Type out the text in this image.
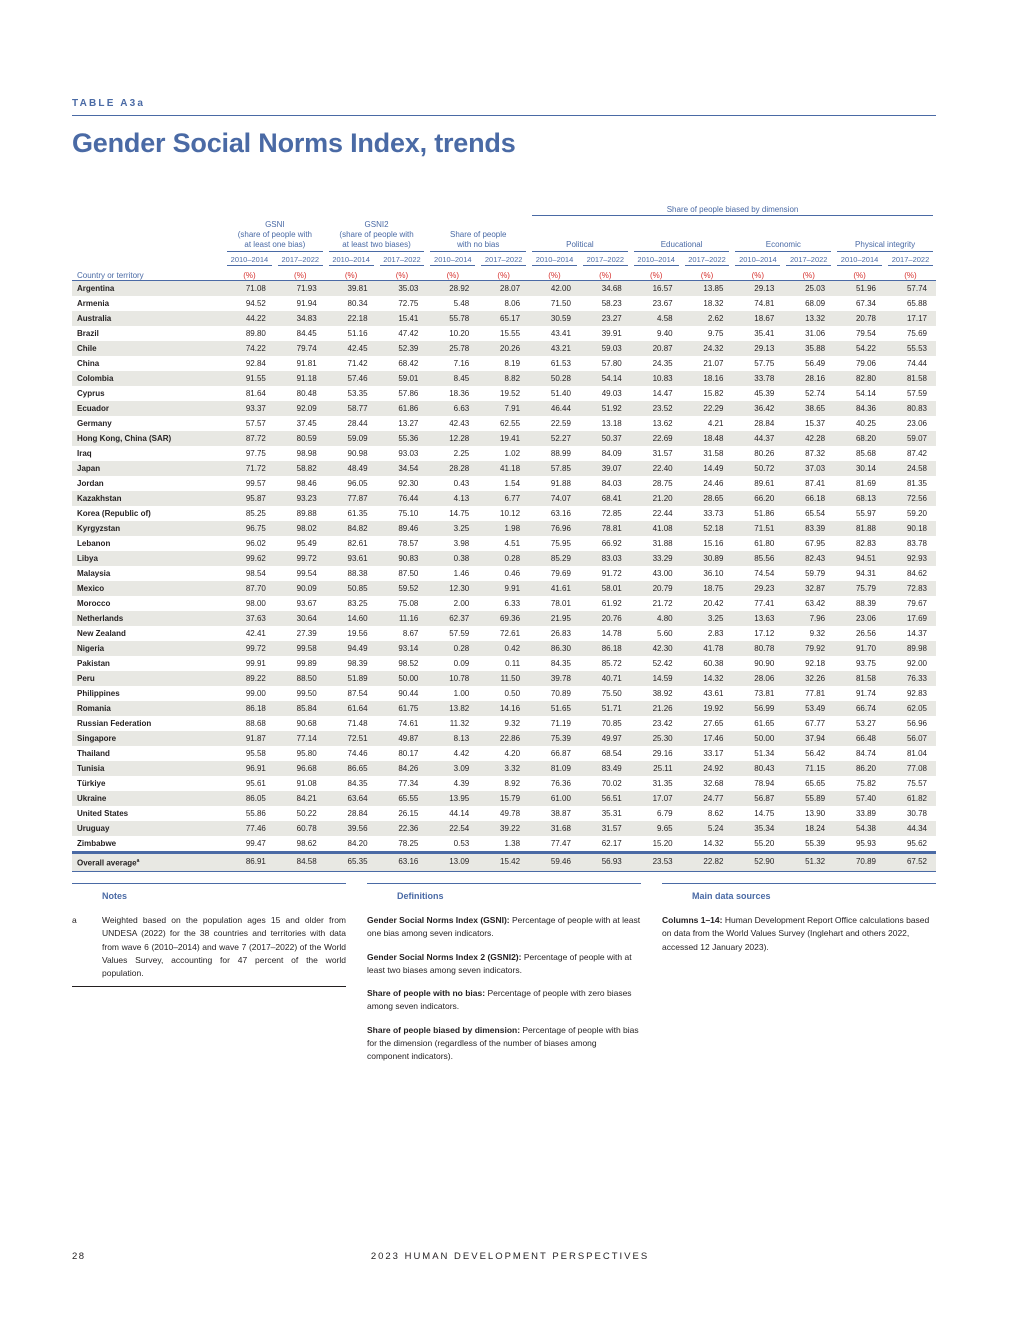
TABLE A3a
Gender Social Norms Index, trends

							Share of people biased by dimension							

	GSNI
(share of people with
at least one bias)		GSNI2
(share of people with
at least two biases)		Share of people
with no bias		Political		Educational		Economic		Physical integrity	

	2010–2014	2017–2022	2010–2014	2017–2022	2010–2014	2017–2022	2010–2014	2017–2022	2010–2014	2017–2022	2010–2014	2017–2022	2010–2014	2017–2022

Country or territory	(%)	(%)	(%)	(%)	(%)	(%)	(%)	(%)	(%)	(%)	(%)	(%)	(%)	(%)
Argentina	71.08	71.93	39.81	35.03	28.92	28.07	42.00	34.68	16.57	13.85	29.13	25.03	51.96	57.74
Armenia	94.52	91.94	80.34	72.75	5.48	8.06	71.50	58.23	23.67	18.32	74.81	68.09	67.34	65.88
Australia	44.22	34.83	22.18	15.41	55.78	65.17	30.59	23.27	4.58	2.62	18.67	13.32	20.78	17.17
Brazil	89.80	84.45	51.16	47.42	10.20	15.55	43.41	39.91	9.40	9.75	35.41	31.06	79.54	75.69
Chile	74.22	79.74	42.45	52.39	25.78	20.26	43.21	59.03	20.87	24.32	29.13	35.88	54.22	55.53
China	92.84	91.81	71.42	68.42	7.16	8.19	61.53	57.80	24.35	21.07	57.75	56.49	79.06	74.44
Colombia	91.55	91.18	57.46	59.01	8.45	8.82	50.28	54.14	10.83	18.16	33.78	28.16	82.80	81.58
Cyprus	81.64	80.48	53.35	57.86	18.36	19.52	51.40	49.03	14.47	15.82	45.39	52.74	54.14	57.59
Ecuador	93.37	92.09	58.77	61.86	6.63	7.91	46.44	51.92	23.52	22.29	36.42	38.65	84.36	80.83
Germany	57.57	37.45	28.44	13.27	42.43	62.55	22.59	13.18	13.62	4.21	28.84	15.37	40.25	23.06
Hong Kong, China (SAR)	87.72	80.59	59.09	55.36	12.28	19.41	52.27	50.37	22.69	18.48	44.37	42.28	68.20	59.07
Iraq	97.75	98.98	90.98	93.03	2.25	1.02	88.99	84.09	31.57	31.58	80.26	87.32	85.68	87.42
Japan	71.72	58.82	48.49	34.54	28.28	41.18	57.85	39.07	22.40	14.49	50.72	37.03	30.14	24.58
Jordan	99.57	98.46	96.05	92.30	0.43	1.54	91.88	84.03	28.75	24.46	89.61	87.41	81.69	81.35
Kazakhstan	95.87	93.23	77.87	76.44	4.13	6.77	74.07	68.41	21.20	28.65	66.20	66.18	68.13	72.56
Korea (Republic of)	85.25	89.88	61.35	75.10	14.75	10.12	63.16	72.85	22.44	33.73	51.86	65.54	55.97	59.20
Kyrgyzstan	96.75	98.02	84.82	89.46	3.25	1.98	76.96	78.81	41.08	52.18	71.51	83.39	81.88	90.18
Lebanon	96.02	95.49	82.61	78.57	3.98	4.51	75.95	66.92	31.88	15.16	61.80	67.95	82.83	83.78
Libya	99.62	99.72	93.61	90.83	0.38	0.28	85.29	83.03	33.29	30.89	85.56	82.43	94.51	92.93
Malaysia	98.54	99.54	88.38	87.50	1.46	0.46	79.69	91.72	43.00	36.10	74.54	59.79	94.31	84.62
Mexico	87.70	90.09	50.85	59.52	12.30	9.91	41.61	58.01	20.79	18.75	29.23	32.87	75.79	72.83
Morocco	98.00	93.67	83.25	75.08	2.00	6.33	78.01	61.92	21.72	20.42	77.41	63.42	88.39	79.67
Netherlands	37.63	30.64	14.60	11.16	62.37	69.36	21.95	20.76	4.80	3.25	13.63	7.96	23.06	17.69
New Zealand	42.41	27.39	19.56	8.67	57.59	72.61	26.83	14.78	5.60	2.83	17.12	9.32	26.56	14.37
Nigeria	99.72	99.58	94.49	93.14	0.28	0.42	86.30	86.18	42.30	41.78	80.78	79.92	91.70	89.98
Pakistan	99.91	99.89	98.39	98.52	0.09	0.11	84.35	85.72	52.42	60.38	90.90	92.18	93.75	92.00
Peru	89.22	88.50	51.89	50.00	10.78	11.50	39.78	40.71	14.59	14.32	28.06	32.26	81.58	76.33
Philippines	99.00	99.50	87.54	90.44	1.00	0.50	70.89	75.50	38.92	43.61	73.81	77.81	91.74	92.83
Romania	86.18	85.84	61.64	61.75	13.82	14.16	51.65	51.71	21.26	19.92	56.99	53.49	66.74	62.05
Russian Federation	88.68	90.68	71.48	74.61	11.32	9.32	71.19	70.85	23.42	27.65	61.65	67.77	53.27	56.96
Singapore	91.87	77.14	72.51	49.87	8.13	22.86	75.39	49.97	25.30	17.46	50.00	37.94	66.48	56.07
Thailand	95.58	95.80	74.46	80.17	4.42	4.20	66.87	68.54	29.16	33.17	51.34	56.42	84.74	81.04
Tunisia	96.91	96.68	86.65	84.26	3.09	3.32	81.09	83.49	25.11	24.92	80.43	71.15	86.20	77.08
Türkiye	95.61	91.08	84.35	77.34	4.39	8.92	76.36	70.02	31.35	32.68	78.94	65.65	75.82	75.57
Ukraine	86.05	84.21	63.64	65.55	13.95	15.79	61.00	56.51	17.07	24.77	56.87	55.89	57.40	61.82
United States	55.86	50.22	28.84	26.15	44.14	49.78	38.87	35.31	6.79	8.62	14.75	13.90	33.89	30.78
Uruguay	77.46	60.78	39.56	22.36	22.54	39.22	31.68	31.57	9.65	5.24	35.34	18.24	54.38	44.34
Zimbabwe	99.47	98.62	84.20	78.25	0.53	1.38	77.47	62.17	15.20	14.32	55.20	55.39	95.93	95.62
Overall average$^a$	86.91	84.58	65.35	63.16	13.09	15.42	59.46	56.93	23.53	22.82	52.90	51.32	70.89	67.52
Notes
a	Weighted based on the population ages 15 and older from UNDESA (2022) for the 38 countries and territories with data from wave 6 (2010–2014) and wave 7 (2017–2022) of the World Values Survey, accounting for 47 percent of the world population.
Definitions

Gender Social Norms Index (GSNI): Percentage of people with at least one bias among seven indicators.

Gender Social Norms Index 2 (GSNI2): Percentage of people with at least two biases among seven indicators.

Share of people with no bias: Percentage of people with zero biases among seven indicators.

Share of people biased by dimension: Percentage of people with bias for the dimension (regardless of the number of biases among component indicators).

Main data sources

Columns 1–14: Human Development Report Office calculations based on data from the World Values Survey (Inglehart and others 2022, accessed 12 January 2023).

28	2023 HUMAN DEVELOPMENT PERSPECTIVES
